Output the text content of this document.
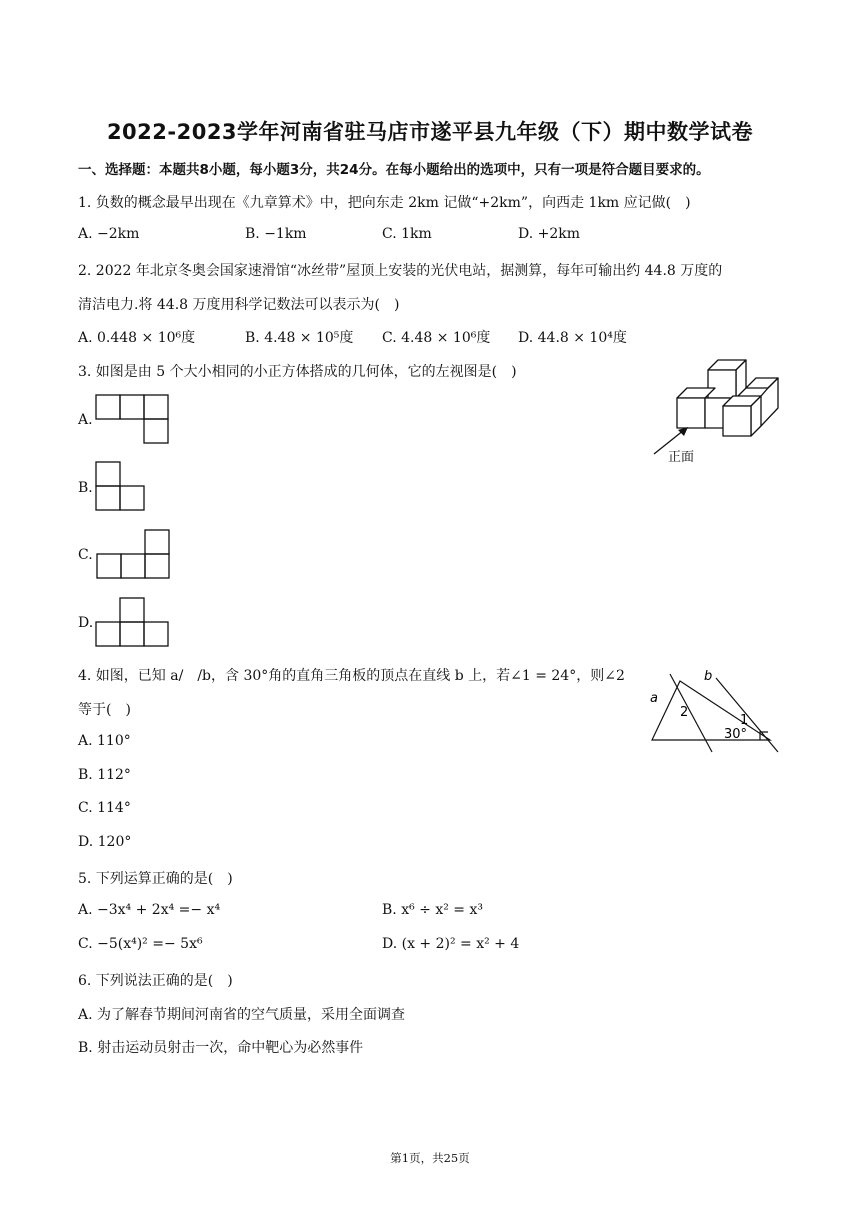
2022-2023学年河南省驻马店市遂平县九年级（下）期中数学试卷
一、选择题：本题共8小题，每小题3分，共24分。在每小题给出的选项中，只有一项是符合题目要求的。
1. 负数的概念最早出现在《九章算术》中，把向东走 2km 记做“+2km”，向西走 1km 应记做(　)
A. −2km	B. −1km	C. 1km	D. +2km
2. 2022 年北京冬奥会国家速滑馆“冰丝带”屋顶上安装的光伏电站，据测算，每年可输出约 44.8 万度的
清洁电力.将 44.8 万度用科学记数法可以表示为(　)
A. 0.448 × 10⁶度	B. 4.48 × 10⁵度 C. 4.48 × 10⁶度 D. 44.8 × 10⁴度
3. 如图是由 5 个大小相同的小正方体搭成的几何体，它的左视图是(　)
A.
B.
C.
D.
正面
4. 如图，已知 a/　/b，含 30°角的直角三角板的顶点在直线 b 上，若∠1 = 24°，则∠2
等于(　)
A. 110°
B. 112°
C. 114°
D. 120°
a
b
2
1
30°
5. 下列运算正确的是(　)
A. −3x⁴ + 2x⁴ =− x⁴	B. x⁶ ÷ x² = x³
C. −5(x⁴)² =− 5x⁶	D. (x + 2)² = x² + 4
6. 下列说法正确的是(　)
A. 为了解春节期间河南省的空气质量，采用全面调查
B. 射击运动员射击一次，命中靶心为必然事件
第1页，共25页
